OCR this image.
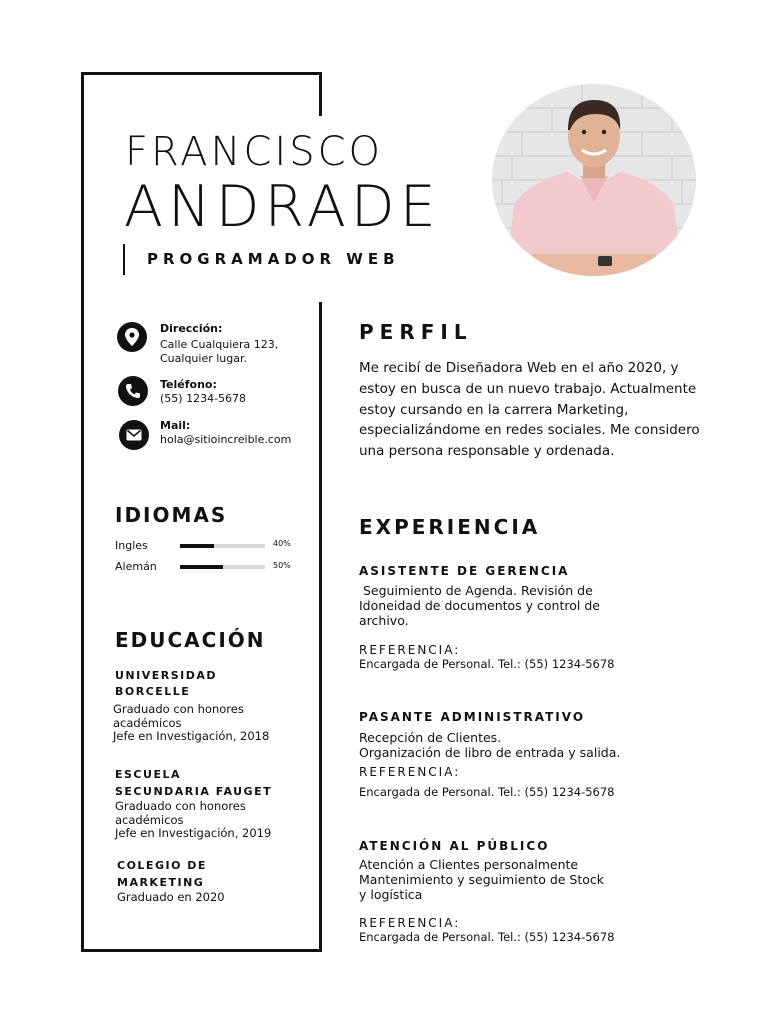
FRANCISCO
ANDRADE
PROGRAMADOR WEB
Dirección:
Calle Cualquiera 123,
Cualquier lugar.
Teléfono:
(55) 1234-5678
Mail:
hola@sitioincreible.com
IDIOMAS
Ingles	40%
Alemán	50%
EDUCACIÓN
UNIVERSIDAD
BORCELLE
Graduado con honores
académicos
Jefe en Investigación, 2018
ESCUELA
SECUNDARIA FAUGET
Graduado con honores
académicos
Jefe en Investigación, 2019
COLEGIO DE
MARKETING
Graduado en 2020
PERFIL
Me recibí de Diseñadora Web en el año 2020, y estoy en busca de un nuevo trabajo. Actualmente estoy cursando en la carrera Marketing, especializándome en redes sociales. Me considero una persona responsable y ordenada.
EXPERIENCIA
ASISTENTE DE GERENCIA
Seguimiento de Agenda. Revisión de
Idoneidad de documentos y control de
archivo.
REFERENCIA:
Encargada de Personal. Tel.: (55) 1234-5678
PASANTE ADMINISTRATIVO
Recepción de Clientes.
Organización de libro de entrada y salida.
REFERENCIA:
Encargada de Personal. Tel.: (55) 1234-5678
ATENCIÓN AL PÚBLICO
Atención a Clientes personalmente
Mantenimiento y seguimiento de Stock
y logística
REFERENCIA:
Encargada de Personal. Tel.: (55) 1234-5678
